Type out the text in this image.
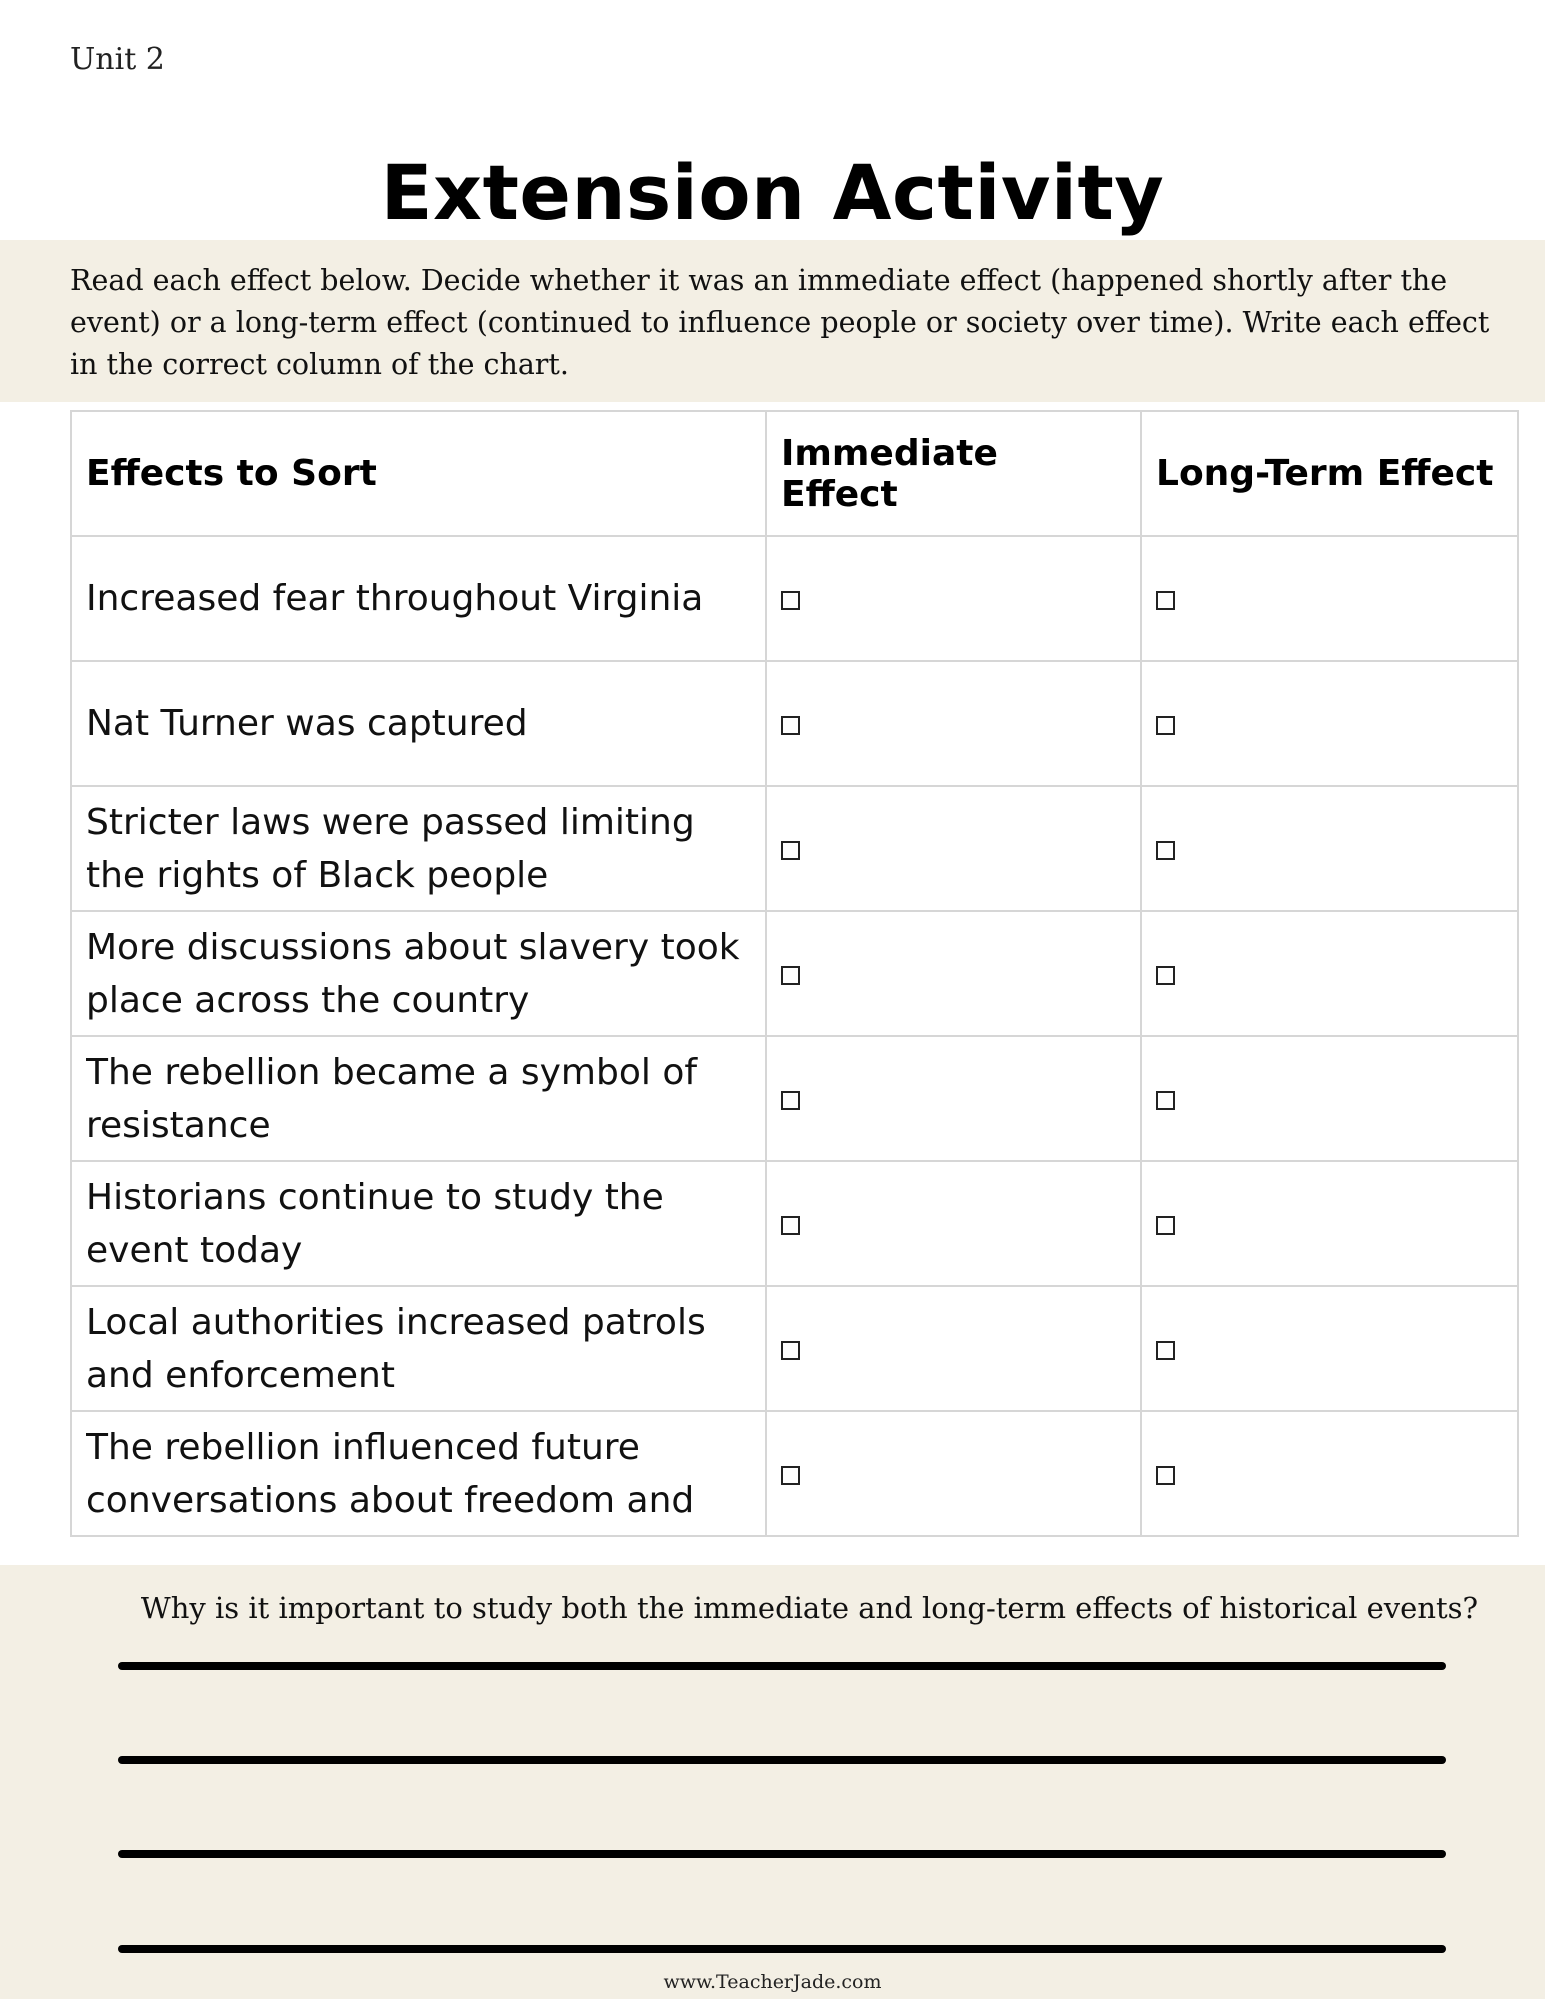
Unit 2
Extension Activity

Read each effect below. Decide whether it was an immediate effect (happened shortly after the event) or a long-term effect (continued to influence people or society over time). Write each effect in the correct column of the chart.

Effects to Sort	Immediate Effect	Long-Term Effect

Increased fear throughout Virginia		

Nat Turner was captured		

Stricter laws were passed limiting the rights of Black people		

More discussions about slavery took place across the country		

The rebellion became a symbol of resistance		

Historians continue to study the event today		

Local authorities increased patrols and enforcement		

The rebellion influenced future conversations about freedom and		

Why is it important to study both the immediate and long-term effects of historical events?

www.TeacherJade.com
